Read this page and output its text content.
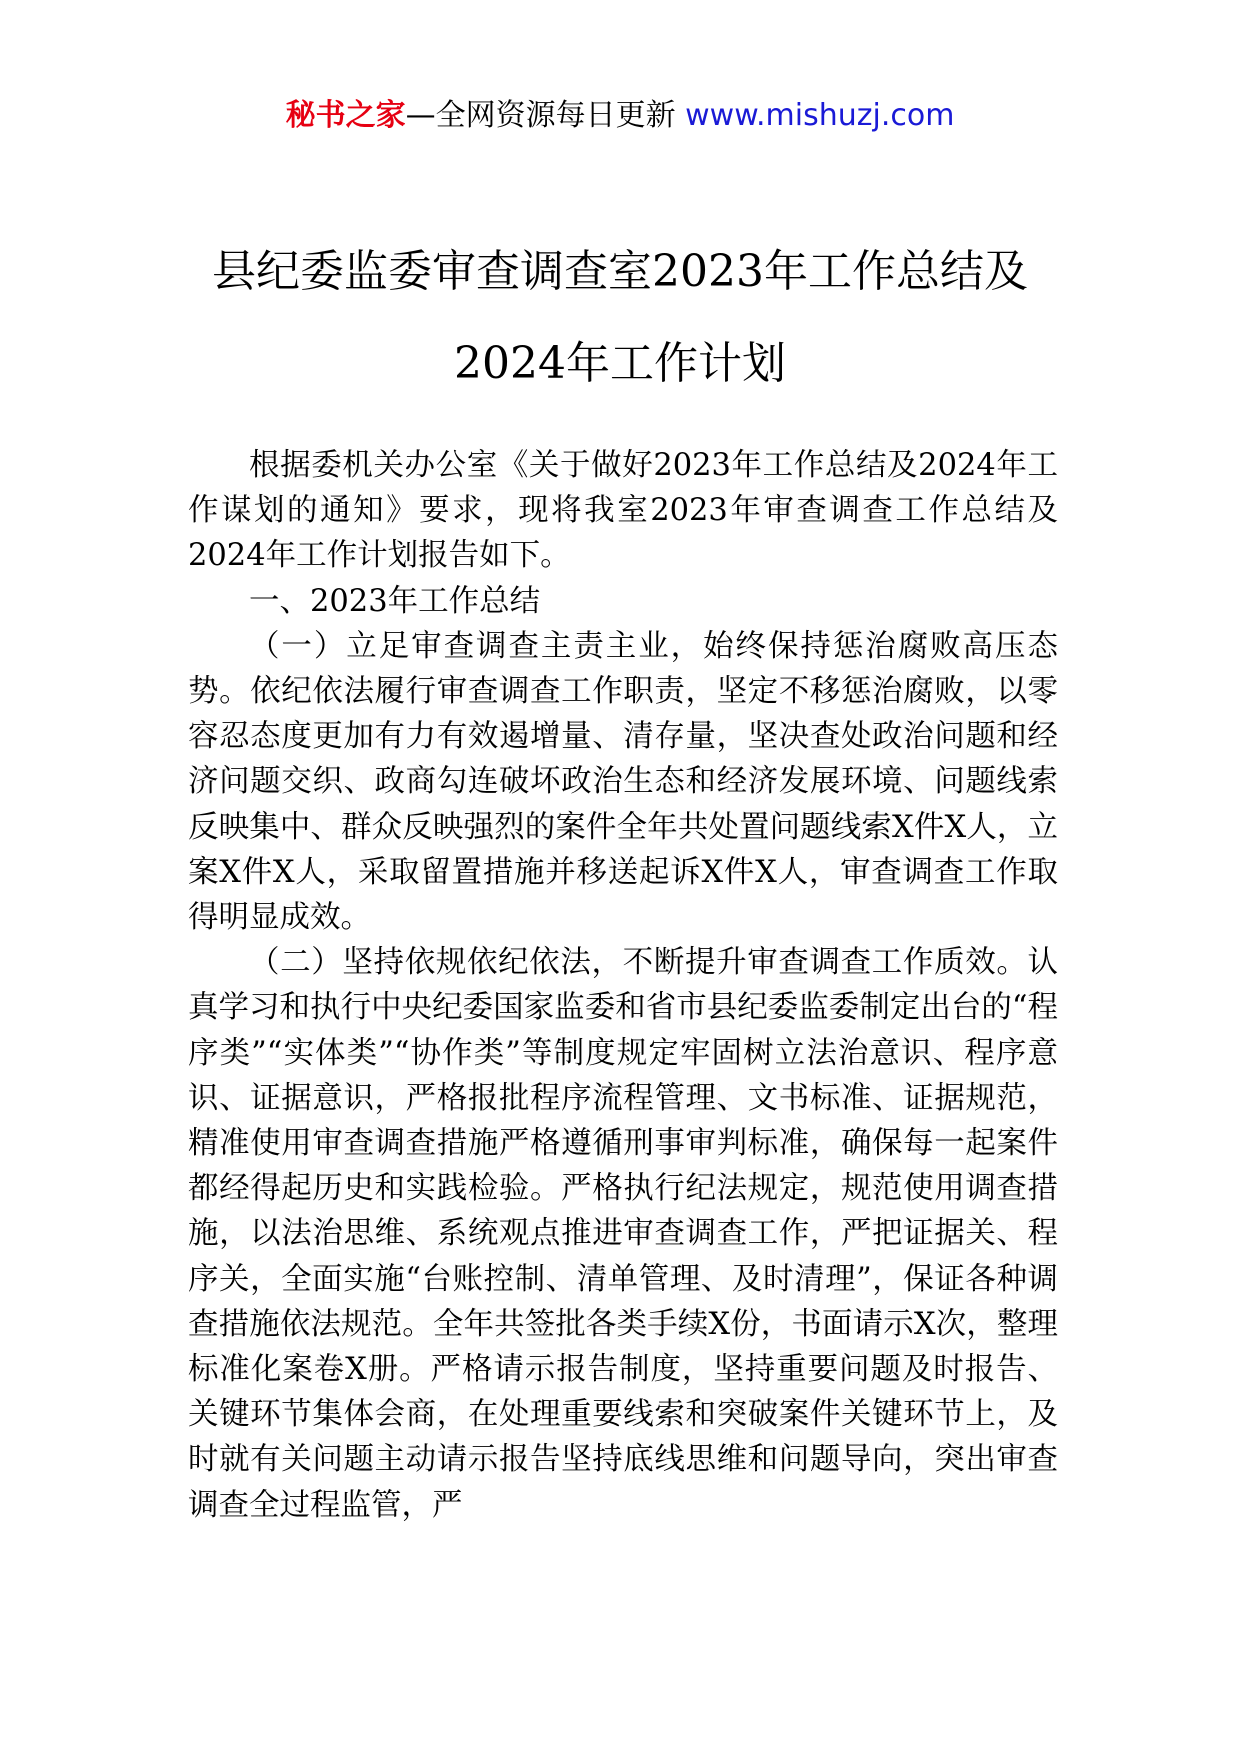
秘书之家—全网资源每日更新 www.mishuzj.com
县纪委监委审查调查室2023年工作总结及
2024年工作计划

根据委机关办公室《关于做好2023年工作总结及2024年工作谋划的通知》要求，现将我室2023年审查调查工作总结及2024年工作计划报告如下。

一、2023年工作总结

（一）立足审查调查主责主业，始终保持惩治腐败高压态势。依纪依法履行审查调查工作职责，坚定不移惩治腐败，以零容忍态度更加有力有效遏增量、清存量，坚决查处政治问题和经济问题交织、政商勾连破坏政治生态和经济发展环境、问题线索反映集中、群众反映强烈的案件全年共处置问题线索X件X人，立案X件X人，采取留置措施并移送起诉X件X人，审查调查工作取得明显成效。

（二）坚持依规依纪依法，不断提升审查调查工作质效。认真学习和执行中央纪委国家监委和省市县纪委监委制定出台的“程序类”“实体类”“协作类”等制度规定牢固树立法治意识、程序意识、证据意识，严格报批程序流程管理、文书标准、证据规范，精准使用审查调查措施严格遵循刑事审判标准，确保每一起案件都经得起历史和实践检验。严格执行纪法规定，规范使用调查措施，以法治思维、系统观点推进审查调查工作，严把证据关、程序关，全面实施“台账控制、清单管理、及时清理”，保证各种调查措施依法规范。全年共签批各类手续X份，书面请示X次，整理标准化案卷X册。严格请示报告制度，坚持重要问题及时报告、关键环节集体会商，在处理重要线索和突破案件关键环节上，及时就有关问题主动请示报告坚持底线思维和问题导向，突出审查调查全过程监管，严
